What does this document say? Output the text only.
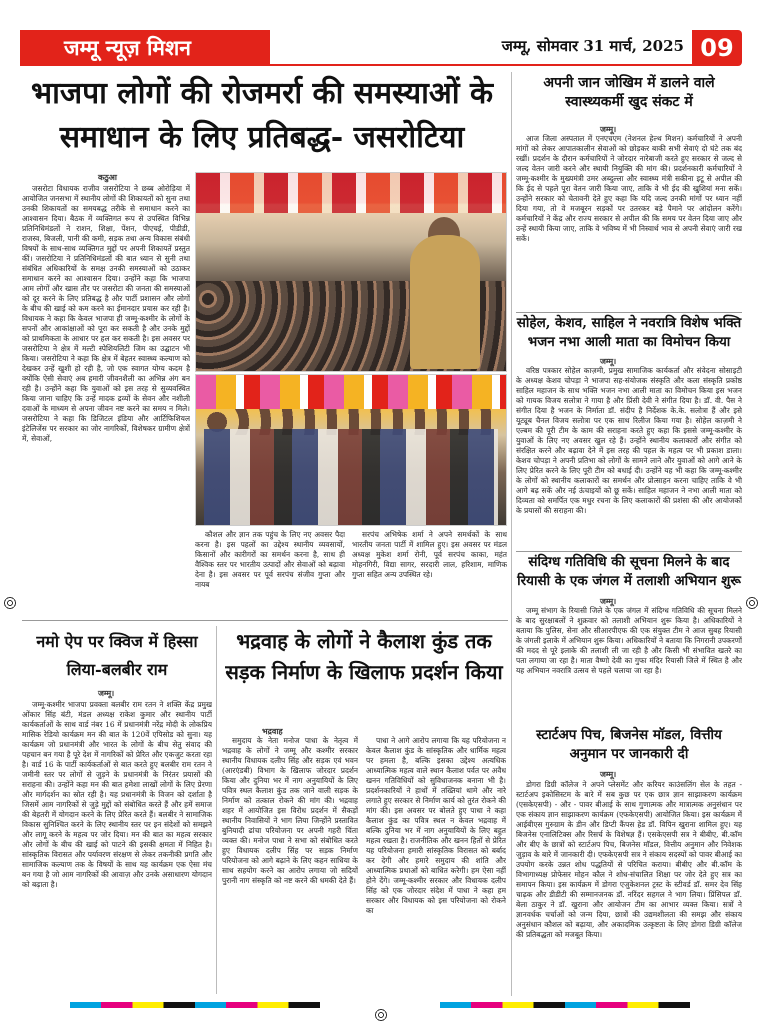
जम्मू न्यूज़ मिशन	जम्मू, सोमवार 31 मार्च, 2025 09
भाजपा लोगों की रोजमर्रा की समस्याओं के समाधान के लिए प्रतिबद्ध- जसरोटिया
कठुआ

जसरोटा विधायक राजीव जसरोटिया ने छब्ब ओरोड़िया में आयोजित जनसभा में स्थानीय लोगों की शिकायतों को सुना तथा उनकी शिकायतों का समयबद्ध तरीके से समाधान करने का आश्वासन दिया। बैठक में व्यक्तिगत रूप से उपस्थित विभिन्न प्रतिनिधिमंडलों ने राशन, शिक्षा, पेंशन, पीएचई, पीडीडी, राजस्व, बिजली, पानी की कमी, सड़क तथा अन्य विकास संबंधी विषयों के साथ-साथ व्यक्तिगत मुद्दों पर अपनी शिकायतें प्रस्तुत कीं। जसरोटिया ने प्रतिनिधिमंडलों की बात ध्यान से सुनी तथा संबंधित अधिकारियों के समक्ष उनकी समस्याओं को उठाकर समाधान करने का आश्वासन दिया। उन्होंने कहा कि भाजपा आम लोगों और खास तौर पर जसरोटा की जनता की समस्याओं को दूर करने के लिए प्रतिबद्ध है और पार्टी प्रशासन और लोगों के बीच की खाई को कम करने का ईमानदार प्रयास कर रही है। विधायक ने कहा कि केवल भाजपा ही जम्मू-कश्मीर के लोगों के सपनों और आकांक्षाओं को पूरा कर सकती है और उनके मुद्दों को प्राथमिकता के आधार पर हल कर सकती है। इस अवसर पर जसरोटिया ने क्षेत्र में मल्टी स्पेशियलिटी जिम का उद्घाटन भी किया। जसरोटिया ने कहा कि क्षेत्र में बेहतर स्वास्थ्य कल्याण को देखकर उन्हें खुशी हो रही है, जो एक स्वागत योग्य कदम है क्योंकि ऐसी सेवाएं अब हमारी जीवनशैली का अभिन्न अंग बन रही है। उन्होंने कहा कि युवाओं को इस तरह से सुव्यवस्थित किया जाना चाहिए कि उन्हें मादक द्रव्यों के सेवन और नशीली दवाओं के माध्यम से अपना जीवन नष्ट करने का समय न मिले। जसरोटिया ने कहा कि डिजिटल इंडिया और आर्टिफिशियल इंटेलिजेंस पर सरकार का जोर नागरिकों, विशेषकर ग्रामीण क्षेत्रों में, सेवाओं,

कौशल और ज्ञान तक पहुंच के लिए नए अवसर पैदा करना है। इस पहलों का उद्देश्य स्थानीय व्यवसायों, किसानों और कारीगरों का समर्थन करना है, साथ ही वैश्विक स्तर पर भारतीय उत्पादों और सेवाओं को बढ़ावा देना है। इस अवसर पर पूर्व सरपंच संजीव गुप्ता और नायब

सरपंच अभिषेक शर्मा ने अपने समर्थकों के साथ भारतीय जनता पार्टी में शामिल हुए। इस अवसर पर मंडल अध्यक्ष मुकेश शर्मा रोनी, पूर्व सरपंच काका, महंत मोहनगिरी, विद्या सागर, सरदारी लाल, हरिशाम, माणिक गुप्ता सहित अन्य उपस्थित रहे।

अपनी जान जोखिम में डालने वाले स्वास्थ्यकर्मी खुद संकट में
जम्मू।

आज जिला अस्पताल में एनएचएम (नेशनल हेल्थ मिशन) कर्मचारियों ने अपनी मांगों को लेकर आपातकालीन सेवाओं को छोड़कर बाकी सभी सेवाएं दो घंटे तक बंद रखीं। प्रदर्शन के दौरान कर्मचारियों ने जोरदार नारेबाजी करते हुए सरकार से जल्द से जल्द वेतन जारी करने और स्थायी नियुक्ति की मांग की। प्रदर्शनकारी कर्मचारियों ने जम्मू-कश्मीर के मुख्यमंत्री उमर अब्दुल्ला और स्वास्थ्य मंत्री सकीना इटू से अपील की कि ईद से पहले पूरा वेतन जारी किया जाए, ताकि वे भी ईद की खुशियां मना सकें। उन्होंने सरकार को चेतावनी देते हुए कहा कि यदि जल्द उनकी मांगों पर ध्यान नहीं दिया गया, तो वे मजबूरन सड़कों पर उतरकर बड़े पैमाने पर आंदोलन करेंगे। कर्मचारियों ने केंद्र और राज्य सरकार से अपील की कि समय पर वेतन दिया जाए और उन्हें स्थायी किया जाए, ताकि वे भविष्य में भी निस्वार्थ भाव से अपनी सेवाएं जारी रख सकें।

सोहेल, केशव, साहिल ने नवरात्रि विशेष भक्ति भजन नभा आली माता का विमोचन किया
जम्मू।

वरिष्ठ पत्रकार सोहेल काज़मी, प्रमुख सामाजिक कार्यकर्ता और संवेदना सोसाइटी के अध्यक्ष केशव चोपड़ा ने भाजपा सह-संयोजक संस्कृति और कला संस्कृति प्रकोष्ठ साहिल महाजन के साथ भक्ति भजन नभा आली माता का विमोचन किया इस भजन को गायक विजय सलोत्रा ने गाया है और प्रिंसी देवी ने संगीत दिया है। डॉ. वी. पैस ने संगीत दिया है भजन के निर्माता डॉ. संदीप है निर्देशक के.के. सलोत्रा हैं और इसे यूट्यूब चैनल विजय सलोत्रा पर एक साथ रिलीज किया गया है। सोहेल काज़मी ने एल्बम की पूरी टीम के काम की सराहना करते हुए कहा कि इससे जम्मू-कश्मीर के युवाओं के लिए नए अवसर खुल रहे हैं। उन्होंने स्थानीय कलाकारों और संगीत को संरक्षित करने और बढ़ावा देने में इस तरह की पहल के महत्व पर भी प्रकाश डाला। केशव चोपड़ा ने अपनी प्रतिभा को लोगों के सामने लाने और युवाओं को आगे आने के लिए प्रेरित करने के लिए पूरी टीम को बधाई दी। उन्होंने यह भी कहा कि जम्मू-कश्मीर के लोगों को स्थानीय कलाकारों का समर्थन और प्रोत्साहन करना चाहिए ताकि वे भी आगे बढ़ सकें और नई ऊंचाइयों को छू सकें। साहिल महाजन ने नभा आली माता को दिव्यता को समर्पित एक मधुर रचना के लिए कलाकारों की प्रशंसा की और आयोजकों के प्रयासों की सराहना की।

संदिग्ध गतिविधि की सूचना मिलने के बाद रियासी के एक जंगल में तलाशी अभियान शुरू
जम्मू।

जम्मू संभाग के रियासी जिले के एक जंगल में संदिग्ध गतिविधि की सूचना मिलने के बाद सुरक्षाबलों ने शुक्रवार को तलाशी अभियान शुरू किया है। अधिकारियों ने बताया कि पुलिस, सेना और सीआरपीएफ की एक संयुक्त टीम ने आज सुबह रियासी के जंगली इलाके में अभियान शुरू किया। अधिकारियों ने बताया कि निगरानी उपकरणों की मदद से पूरे इलाके की तलाशी ली जा रही है और किसी भी संभावित खतरे का पता लगाया जा रहा है। माता वैष्णो देवी का गुफा मंदिर रियासी जिले में स्थित है और यह अभियान नवरात्रि उत्सव से पहले चलाया जा रहा है।

स्टार्टअप पिच, बिजनेस मॉडल, वित्तीय अनुमान पर जानकारी दी
जम्मू।

डोगरा डिग्री कॉलेज ने अपने प्लेसमेंट और करियर काउंसलिंग सेल के तहत - स्टार्टअप इकोसिस्टम के बारे में सब कुछ पर एक छात्र ज्ञान साझाकरण कार्यक्रम (एसकेएसपी) - और - पावर बीआई के साथ गुणात्मक और मात्रात्मक अनुसंधान पर एक संकाय ज्ञान साझाकरण कार्यक्रम (एफकेएसपी) आयोजित किया। इस कार्यक्रम में आईबीएस गुरुग्राम के डीन और डिप्टी कैंपस हेड डॉ. विपिन खुराना शामिल हुए। यह बिजनेस एनालिटिक्स और रिसर्च के विशेषज्ञ हैं। एसकेएसपी सत्र ने बीबीए, बी.कॉम और बीए के छात्रों को स्टार्टअप पिच, बिजनेस मॉडल, वित्तीय अनुमान और निवेशक जुड़ाव के बारे में जानकारी दी। एफकेएसपी सत्र ने संकाय सदस्यों को पावर बीआई का उपयोग करके उन्नत शोध पद्धतियों से परिचित कराया। बीबीए और बी.कॉम के विभागाध्यक्ष प्रोफेसर मोहन कौल ने शोध-संचालित शिक्षा पर जोर देते हुए सत्र का समापन किया। इस कार्यक्रम में डोगरा एजुकेशनल ट्रस्ट के स्टीवर्ड डॉ. समर देव सिंह चाढ़क और डीडीटी की सम्मानजनक डॉ. नरिंदर सहगल ने भाग लिया। प्रिंसिपल डॉ. बेला ठाकुर ने डॉ. खुराना और आयोजन टीम का आभार व्यक्त किया। सत्रों ने ज्ञानवर्धक चर्चाओं को जन्म दिया, छात्रों की उद्यमशीलता की समझ और संकाय अनुसंधान कौशल को बढ़ाया, और अकादमिक उत्कृष्टता के लिए डोगरा डिग्री कॉलेज की प्रतिबद्धता को मजबूत किया।

नमो ऐप पर क्विज में हिस्सा लिया-बलबीर राम
जम्मू।

जम्मू-कश्मीर भाजपा प्रवक्ता बलबीर राम रतन ने शक्ति केंद्र प्रमुख ओंकार सिंह बंटी, मंडल अध्यक्ष राकेश कुमार और स्थानीय पार्टी कार्यकर्ताओं के साथ वार्ड नंबर 16 में प्रधानमंत्री नरेंद्र मोदी के लोकप्रिय मासिक रेडियो कार्यक्रम मन की बात के 120वें एपिसोड को सुना। यह कार्यक्रम जो प्रधानमंत्री और भारत के लोगों के बीच सेतु संवाद की पहचान बन गया है पूरे देश में नागरिकों को प्रेरित और एकजुट करता रहा है। वार्ड 16 के पार्टी कार्यकर्ताओं से बात करते हुए बलबीर राम रतन ने जमीनी स्तर पर लोगों से जुड़ने के प्रधानमंत्री के निरंतर प्रयासों की सराहना की। उन्होंने कहा मन की बात हमेशा लाखों लोगों के लिए प्रेरणा और मार्गदर्शन का स्रोत रही है। यह प्रधानमंत्री के विजन को दर्शाता है जिसमें आम नागरिकों से जुड़े मुद्दों को संबोधित करते हैं और हमें समाज की बेहतरी में योगदान करने के लिए प्रेरित करते हैं। बलबीर ने सामाजिक विकास सुनिश्चित करने के लिए स्थानीय स्तर पर इन संदेशों को समझने और लागू करने के महत्व पर जोर दिया। मन की बात का महत्व सरकार और लोगों के बीच की खाई को पाटने की इसकी क्षमता में निहित है। सांस्कृतिक विरासत और पर्यावरण संरक्षण से लेकर तकनीकी प्रगति और सामाजिक कल्याण तक के विषयों के साथ यह कार्यक्रम एक ऐसा मंच बन गया है जो आम नागरिकों की आवाज़ और उनके असाधारण योगदान को बढ़ाता है।

भद्रवाह के लोगों ने कैलाश कुंड तक सड़क निर्माण के खिलाफ प्रदर्शन किया
भद्रवाह

समुदाय के नेता मनोज पाधा के नेतृत्व में भद्रवाह के लोगों ने जम्मू और कश्मीर सरकार स्थानीय विधायक दलीप सिंह और सड़क एवं भवन (आरएंडबी) विभाग के खिलाफ जोरदार प्रदर्शन किया और दुनिया भर में नाग अनुयायियों के लिए पवित्र स्थल कैलाश कुंड तक जाने वाली सड़क के निर्माण को तत्काल रोकने की मांग की। भद्रवाह शहर में आयोजित इस विरोध प्रदर्शन में सैकड़ों स्थानीय निवासियों ने भाग लिया जिन्होंने प्रस्तावित बुनियादी ढांचा परियोजना पर अपनी गहरी चिंता व्यक्त की। मनोज पाधा ने सभा को संबोधित करते हुए विधायक दलीप सिंह पर सड़क निर्माण परियोजना को आगे बढ़ाने के लिए कहन साधिया के साथ सहयोग करने का आरोप लगाया जो सदियों पुरानी नाग संस्कृति को नष्ट करने की धमकी देते हैं।

पाधा ने आगे आरोप लगाया कि यह परियोजना न केवल कैलाश कुंड के सांस्कृतिक और धार्मिक महत्व पर हमला है, बल्कि इसका उद्देश्य अत्यधिक आध्यात्मिक महत्व वाले स्थान कैलाश पर्वत पर अवैध खनन गतिविधियों को सुविधाजनक बनाना भी है। प्रदर्शनकारियों ने हाथों में तख्तियां थामे और नारे लगाते हुए सरकार से निर्माण कार्य को तुरंत रोकने की मांग की। इस अवसर पर बोलते हुए पाधा ने कहा कैलाश कुंड का पवित्र स्थल न केवल भद्रवाह में बल्कि दुनिया भर में नाग अनुयायियों के लिए बहुत महत्व रखता है। राजनीतिक और खनन हितों से प्रेरित यह परियोजना हमारी सांस्कृतिक विरासत को बर्बाद कर देगी और हमारे समुदाय की शांति और आध्यात्मिक प्रथाओं को बाधित करेगी। हम ऐसा नहीं होने देंगे। जम्मू-कश्मीर सरकार और विधायक दलीप सिंह को एक जोरदार संदेश में पाधा ने कहा हम सरकार और विधायक को इस परियोजना को रोकने का
